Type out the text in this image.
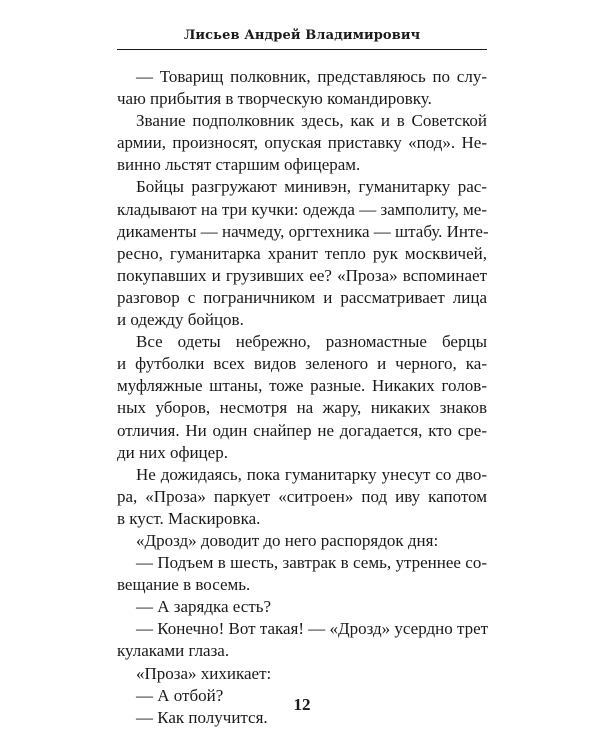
Лисьев Андрей Владимирович
— Товарищ полковник, представляюсь по слу-
чаю прибытия в творческую командировку.
Звание подполковник здесь, как и в Советской
армии, произносят, опуская приставку «под». Не-
винно льстят старшим офицерам.
Бойцы разгружают минивэн, гуманитарку рас-
кладывают на три кучки: одежда — замполиту, ме-
дикаменты — начмеду, оргтехника — штабу. Инте-
ресно, гуманитарка хранит тепло рук москвичей,
покупавших и грузивших ее? «Проза» вспоминает
разговор с пограничником и рассматривает лица
и одежду бойцов.
Все одеты небрежно, разномастные берцы
и футболки всех видов зеленого и черного, ка-
муфляжные штаны, тоже разные. Никаких голов-
ных уборов, несмотря на жару, никаких знаков
отличия. Ни один снайпер не догадается, кто сре-
ди них офицер.
Не дожидаясь, пока гуманитарку унесут со дво-
ра, «Проза» паркует «ситроен» под иву капотом
в куст. Маскировка.
«Дрозд» доводит до него распорядок дня:
— Подъем в шесть, завтрак в семь, утреннее со-
вещание в восемь.
— А зарядка есть?
— Конечно! Вот такая! — «Дрозд» усердно трет
кулаками глаза.
«Проза» хихикает:
— А отбой?
— Как получится.
12
